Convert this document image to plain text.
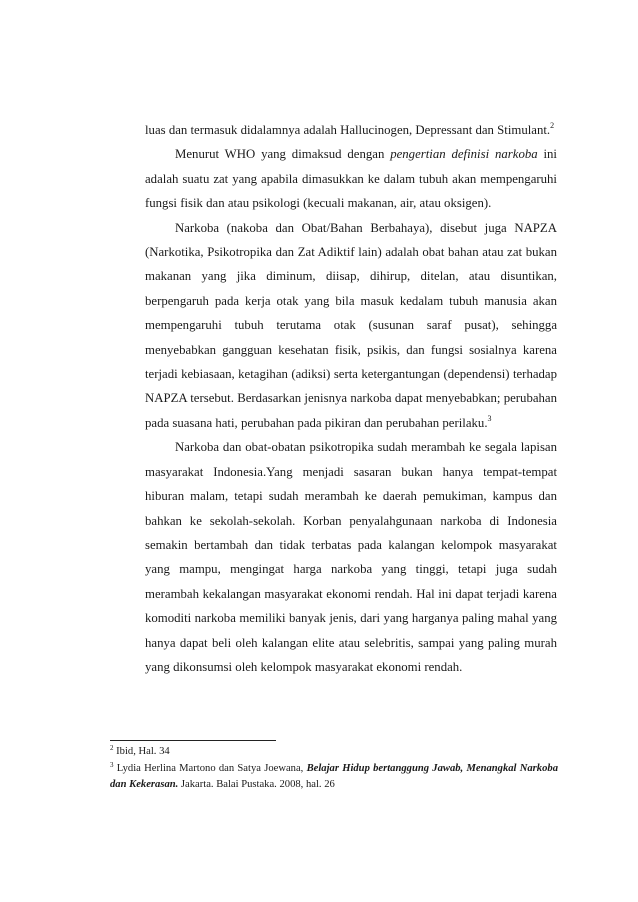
luas dan termasuk didalamnya adalah Hallucinogen, Depressant dan Stimulant.$^2$

Menurut WHO yang dimaksud dengan pengertian definisi narkoba ini adalah suatu zat yang apabila dimasukkan ke dalam tubuh akan mempengaruhi fungsi fisik dan atau psikologi (kecuali makanan, air, atau oksigen).

Narkoba (nakoba dan Obat/Bahan Berbahaya), disebut juga NAPZA (Narkotika, Psikotropika dan Zat Adiktif lain) adalah obat bahan atau zat bukan makanan yang jika diminum, diisap, dihirup, ditelan, atau disuntikan, berpengaruh pada kerja otak yang bila masuk kedalam tubuh manusia akan mempengaruhi tubuh terutama otak (susunan saraf pusat), sehingga menyebabkan gangguan kesehatan fisik, psikis, dan fungsi sosialnya karena terjadi kebiasaan, ketagihan (adiksi) serta ketergantungan (dependensi) terhadap NAPZA tersebut. Berdasarkan jenisnya narkoba dapat menyebabkan; perubahan pada suasana hati, perubahan pada pikiran dan perubahan perilaku.$^3$

Narkoba dan obat-obatan psikotropika sudah merambah ke segala lapisan masyarakat Indonesia.Yang menjadi sasaran bukan hanya tempat-tempat hiburan malam, tetapi sudah merambah ke daerah pemukiman, kampus dan bahkan ke sekolah-sekolah. Korban penyalahgunaan narkoba di Indonesia semakin bertambah dan tidak terbatas pada kalangan kelompok masyarakat yang mampu, mengingat harga narkoba yang tinggi, tetapi juga sudah merambah kekalangan masyarakat ekonomi rendah. Hal ini dapat terjadi karena komoditi narkoba memiliki banyak jenis, dari yang harganya paling mahal yang hanya dapat beli oleh kalangan elite atau selebritis, sampai yang paling murah yang dikonsumsi oleh kelompok masyarakat ekonomi rendah.

$^2$ Ibid, Hal. 34

$^3$ Lydia Herlina Martono dan Satya Joewana, Belajar Hidup bertanggung Jawab, Menangkal Narkoba dan Kekerasan. Jakarta. Balai Pustaka. 2008, hal. 26
